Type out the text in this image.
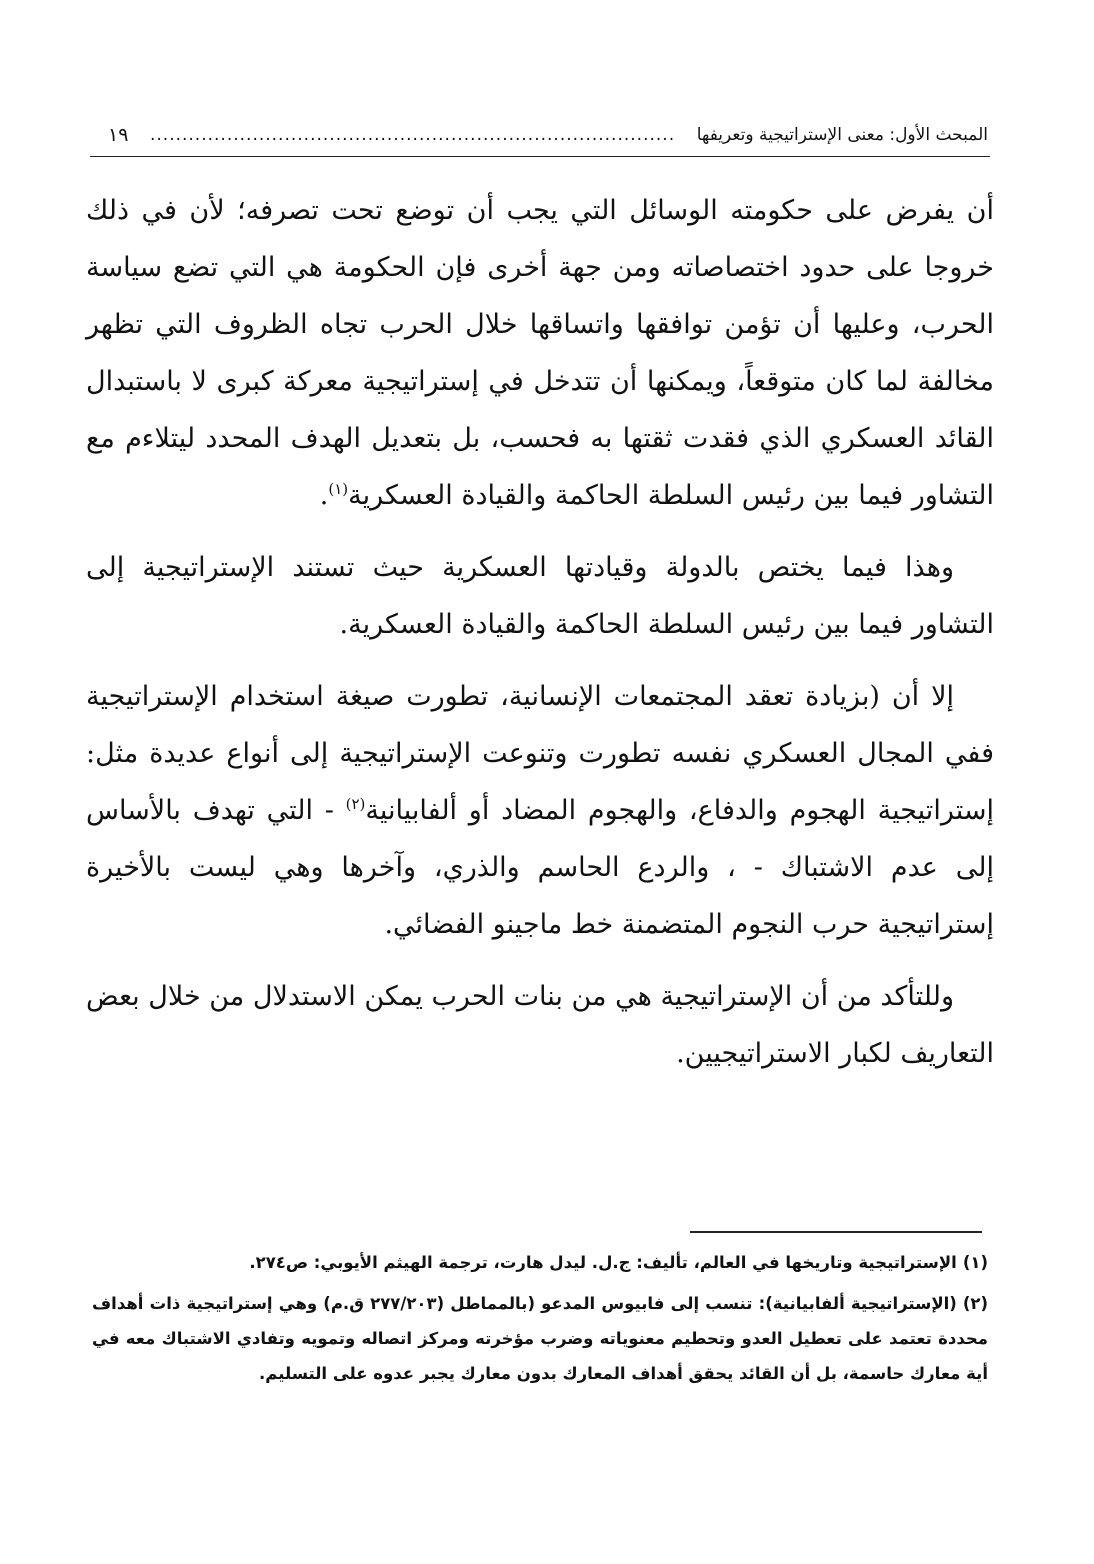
المبحث الأول: معنى الإستراتيجية وتعريفها
..................................................................................
١٩

أن يفرض على حكومته الوسائل التي يجب أن توضع تحت تصرفه؛ لأن في ذلك خروجا على حدود اختصاصاته ومن جهة أخرى فإن الحكومة هي التي تضع سياسة الحرب، وعليها أن تؤمن توافقها واتساقها خلال الحرب تجاه الظروف التي تظهر مخالفة لما كان متوقعاً، ويمكنها أن تتدخل في إستراتيجية معركة كبرى لا باستبدال القائد العسكري الذي فقدت ثقتها به فحسب، بل بتعديل الهدف المحدد ليتلاءم مع التشاور فيما بين رئيس السلطة الحاكمة والقيادة العسكرية$^{(١)}$.

وهذا فيما يختص بالدولة وقيادتها العسكرية حيث تستند الإستراتيجية إلى التشاور فيما بين رئيس السلطة الحاكمة والقيادة العسكرية.

إلا أن (بزيادة تعقد المجتمعات الإنسانية، تطورت صيغة استخدام الإستراتيجية ففي المجال العسكري نفسه تطورت وتنوعت الإستراتيجية إلى أنواع عديدة مثل: إستراتيجية الهجوم والدفاع، والهجوم المضاد أو ألفابيانية$^{(٢)}$ - التي تهدف بالأساس إلى عدم الاشتباك - ، والردع الحاسم والذري، وآخرها وهي ليست بالأخيرة إستراتيجية حرب النجوم المتضمنة خط ماجينو الفضائي.

وللتأكد من أن الإستراتيجية هي من بنات الحرب يمكن الاستدلال من خلال بعض التعاريف لكبار الاستراتيجيين.

(١)الإستراتيجية وتاريخها في العالم، تأليف: ج.ل. ليدل هارت، ترجمة الهيثم الأيوبي: ص٢٧٤.

(٢)(الإستراتيجية ألفابيانية): تنسب إلى فابيوس المدعو (بالمماطل (٢٧٧/٢٠٣ ق.م) وهي إستراتيجية ذات أهداف محددة تعتمد على تعطيل العدو وتحطيم معنوياته وضرب مؤخرته ومركز اتصاله وتمويه وتفادي الاشتباك معه في أية معارك حاسمة، بل أن القائد يحقق أهداف المعارك بدون معارك يجبر عدوه على التسليم.
